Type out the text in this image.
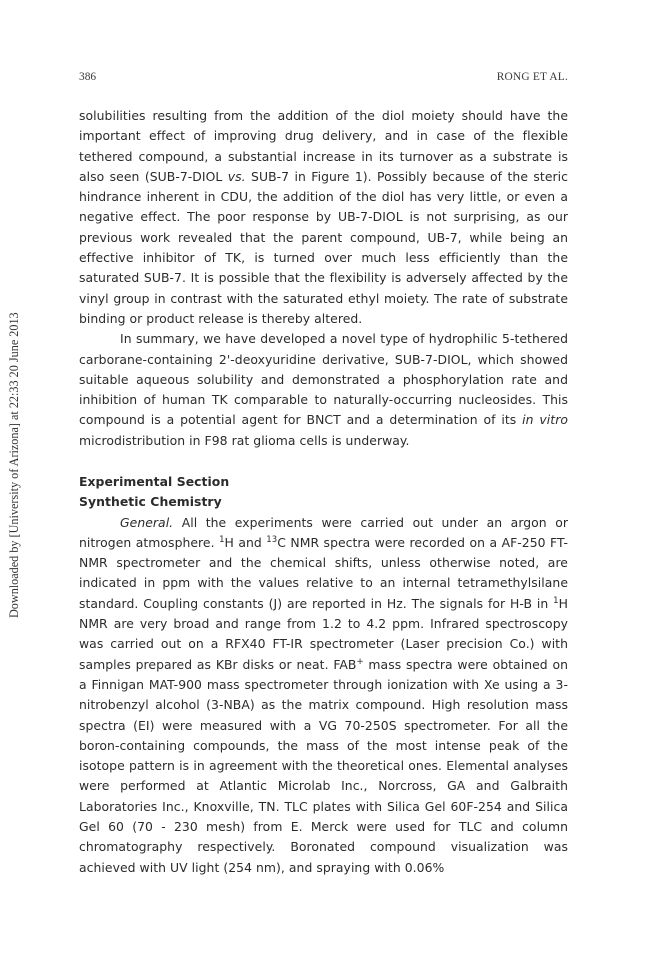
Downloaded by [University of Arizona] at 22:33 20 June 2013
386	RONG ET AL.

solubilities resulting from the addition of the diol moiety should have the important effect of improving drug delivery, and in case of the flexible tethered compound, a substantial increase in its turnover as a substrate is also seen (SUB-7-DIOL vs. SUB-7 in Figure 1). Possibly because of the steric hindrance inherent in CDU, the addition of the diol has very little, or even a negative effect. The poor response by UB-7-DIOL is not surprising, as our previous work revealed that the parent compound, UB-7, while being an effective inhibitor of TK, is turned over much less efficiently than the saturated SUB-7. It is possible that the flexibility is adversely affected by the vinyl group in contrast with the saturated ethyl moiety. The rate of substrate binding or product release is thereby altered.

In summary, we have developed a novel type of hydrophilic 5-tethered carborane-containing 2'-deoxyuridine derivative, SUB-7-DIOL, which showed suitable aqueous solubility and demonstrated a phosphorylation rate and inhibition of human TK comparable to naturally-occurring nucleosides. This compound is a potential agent for BNCT and a determination of its in vitro microdistribution in F98 rat glioma cells is underway.

Experimental Section

Synthetic Chemistry

General. All the experiments were carried out under an argon or nitrogen atmosphere. $^1$H and $^{13}$C NMR spectra were recorded on a AF-250 FT-NMR spectrometer and the chemical shifts, unless otherwise noted, are indicated in ppm with the values relative to an internal tetramethylsilane standard. Coupling constants (J) are reported in Hz. The signals for H-B in $^1$H NMR are very broad and range from 1.2 to 4.2 ppm. Infrared spectroscopy was carried out on a RFX40 FT-IR spectrometer (Laser precision Co.) with samples prepared as KBr disks or neat. FAB+ mass spectra were obtained on a Finnigan MAT-900 mass spectrometer through ionization with Xe using a 3-nitrobenzyl alcohol (3-NBA) as the matrix compound. High resolution mass spectra (EI) were measured with a VG 70-250S spectrometer. For all the boron-containing compounds, the mass of the most intense peak of the isotope pattern is in agreement with the theoretical ones. Elemental analyses were performed at Atlantic Microlab Inc., Norcross, GA and Galbraith Laboratories Inc., Knoxville, TN. TLC plates with Silica Gel 60F-254 and Silica Gel 60 (70 - 230 mesh) from E. Merck were used for TLC and column chromatography respectively. Boronated compound visualization was achieved with UV light (254 nm), and spraying with 0.06%
